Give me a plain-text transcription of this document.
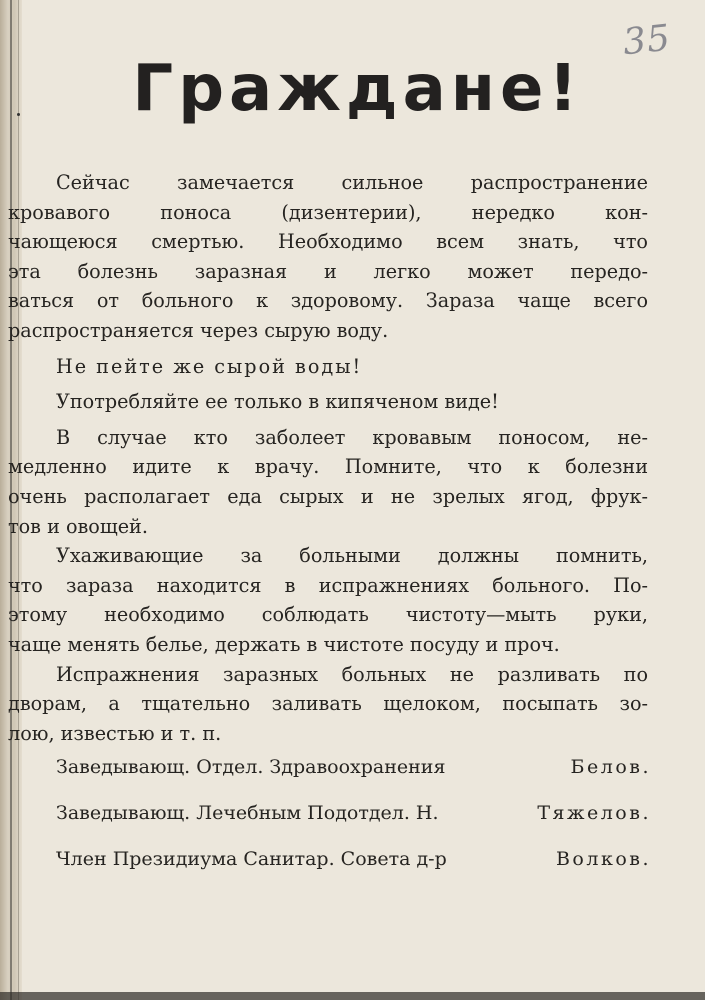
35
Граждане!
Сейчас замечается сильное распространение
кровавого поноса (дизентерии), нередко кон-
чающеюся смертью. Необходимо всем знать, что
эта болезнь заразная и легко может передо-
ваться от больного к здоровому. Зараза чаще всего
распространяется через сырую воду.
Не пейте же сырой воды!
Употребляйте ее только в кипяченом виде!
В случае кто заболеет кровавым поносом, не-
медленно идите к врачу. Помните, что к болезни
очень располагает еда сырых и не зрелых ягод, фрук-
тов и овощей.
Ухаживающие за больными должны помнить,
что зараза находится в испражнениях больного. По-
этому необходимо соблюдать чистоту—мыть руки,
чаще менять белье, держать в чистоте посуду и проч.
Испражнения заразных больных не разливать по
дворам, а тщательно заливать щелоком, посыпать зо-
лою, известью и т. п.
Заведывающ. Отдел. Здравоохранения	Белов.
Заведывающ. Лечебным Подотдел. Н.	Тяжелов.
Член Президиума Санитар. Совета д-р	Волков.
